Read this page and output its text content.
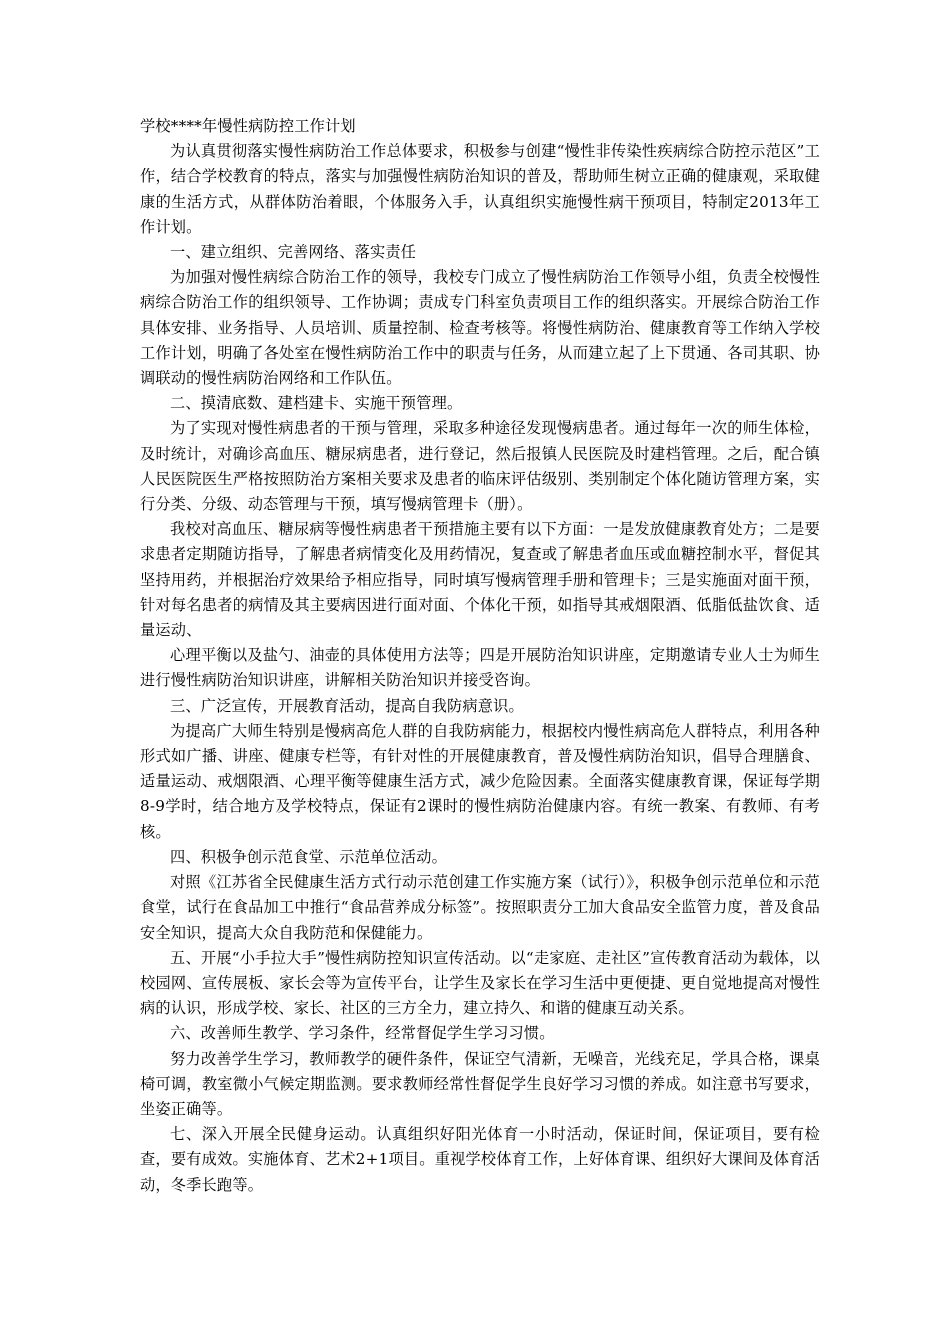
学校****年慢性病防控工作计划

为认真贯彻落实慢性病防治工作总体要求，积极参与创建“慢性非传染性疾病综合防控示范区”工作，结合学校教育的特点，落实与加强慢性病防治知识的普及，帮助师生树立正确的健康观，采取健康的生活方式，从群体防治着眼，个体服务入手，认真组织实施慢性病干预项目，特制定2013年工作计划。

一、建立组织、完善网络、落实责任

为加强对慢性病综合防治工作的领导，我校专门成立了慢性病防治工作领导小组，负责全校慢性病综合防治工作的组织领导、工作协调；责成专门科室负责项目工作的组织落实。开展综合防治工作具体安排、业务指导、人员培训、质量控制、检查考核等。将慢性病防治、健康教育等工作纳入学校工作计划，明确了各处室在慢性病防治工作中的职责与任务，从而建立起了上下贯通、各司其职、协调联动的慢性病防治网络和工作队伍。

二、摸清底数、建档建卡、实施干预管理。

为了实现对慢性病患者的干预与管理，采取多种途径发现慢病患者。通过每年一次的师生体检，及时统计，对确诊高血压、糖尿病患者，进行登记，然后报镇人民医院及时建档管理。之后，配合镇人民医院医生严格按照防治方案相关要求及患者的临床评估级别、类别制定个体化随访管理方案，实行分类、分级、动态管理与干预，填写慢病管理卡（册）。

我校对高血压、糖尿病等慢性病患者干预措施主要有以下方面：一是发放健康教育处方；二是要求患者定期随访指导，了解患者病情变化及用药情况，复查或了解患者血压或血糖控制水平，督促其坚持用药，并根据治疗效果给予相应指导，同时填写慢病管理手册和管理卡；三是实施面对面干预，针对每名患者的病情及其主要病因进行面对面、个体化干预，如指导其戒烟限酒、低脂低盐饮食、适量运动、

心理平衡以及盐勺、油壶的具体使用方法等；四是开展防治知识讲座，定期邀请专业人士为师生进行慢性病防治知识讲座，讲解相关防治知识并接受咨询。

三、广泛宣传，开展教育活动，提高自我防病意识。

为提高广大师生特别是慢病高危人群的自我防病能力，根据校内慢性病高危人群特点，利用各种形式如广播、讲座、健康专栏等，有针对性的开展健康教育，普及慢性病防治知识，倡导合理膳食、适量运动、戒烟限酒、心理平衡等健康生活方式，减少危险因素。全面落实健康教育课，保证每学期8-9学时，结合地方及学校特点，保证有2课时的慢性病防治健康内容。有统一教案、有教师、有考核。

四、积极争创示范食堂、示范单位活动。

对照《江苏省全民健康生活方式行动示范创建工作实施方案（试行）》，积极争创示范单位和示范食堂，试行在食品加工中推行“食品营养成分标签”。按照职责分工加大食品安全监管力度，普及食品安全知识，提高大众自我防范和保健能力。

五、开展“小手拉大手”慢性病防控知识宣传活动。以“走家庭、走社区”宣传教育活动为载体，以校园网、宣传展板、家长会等为宣传平台，让学生及家长在学习生活中更便捷、更自觉地提高对慢性病的认识，形成学校、家长、社区的三方全力，建立持久、和谐的健康互动关系。

六、改善师生教学、学习条件，经常督促学生学习习惯。

努力改善学生学习，教师教学的硬件条件，保证空气清新，无噪音，光线充足，学具合格，课桌椅可调，教室微小气候定期监测。要求教师经常性督促学生良好学习习惯的养成。如注意书写要求，坐姿正确等。

七、深入开展全民健身运动。认真组织好阳光体育一小时活动，保证时间，保证项目，要有检查，要有成效。实施体育、艺术2+1项目。重视学校体育工作，上好体育课、组织好大课间及体育活动，冬季长跑等。
